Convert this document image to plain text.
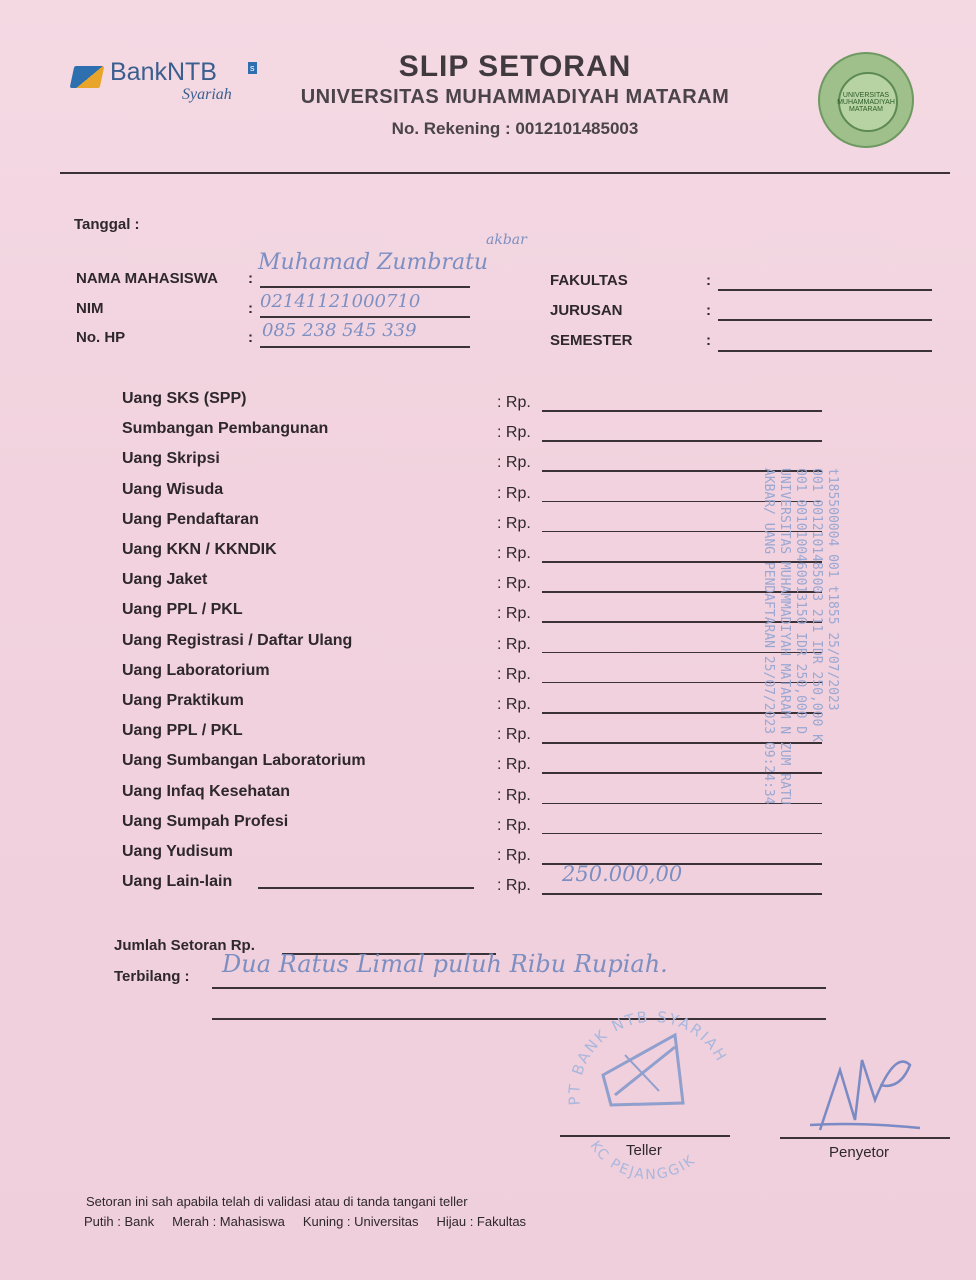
BankNTB	s
Syariah
SLIP SETORAN
UNIVERSITAS MUHAMMADIYAH MATARAM
No. Rekening : 0012101485003
UNIVERSITAS MUHAMMADIYAH MATARAM
Tanggal :
NAMA MAHASISWA :
Muhamad Zumbratu
akbar
NIM	: 02141121000710
No. HP	: 085 238 545 339
FAKULTAS	:
JURUSAN	:
SEMESTER	:
Uang SKS (SPP)	: Rp.
Sumbangan Pembangunan	: Rp.
Uang Skripsi	: Rp.
Uang Wisuda	: Rp.
Uang Pendaftaran	: Rp.
Uang KKN / KKNDIK	: Rp.
Uang Jaket	: Rp.
Uang PPL / PKL	: Rp.
Uang Registrasi / Daftar Ulang	: Rp.
Uang Laboratorium	: Rp.
Uang Praktikum	: Rp.
Uang PPL / PKL	: Rp.
Uang Sumbangan Laboratorium	: Rp.
Uang Infaq Kesehatan	: Rp.
Uang Sumpah Profesi	: Rp.
Uang Yudisum	: Rp.
Uang Lain-lain	: Rp. 250.000,00
t185500004 001 t1855 25/07/2023
001 0012101485003 211 IDR 250,000 K
001 0010100460013150 IDR 250,000 D
UNIVERSITAS MUHAMMADIYAH MATARAM N ZUM RATU
AKBAR/ UANG PENDAFTARAN 25/07/2023 09:24:34
Jumlah Setoran Rp.
Terbilang : Dua Ratus Limal puluh Ribu Rupiah.
PT BANK NTB SYARIAH
KC PEJANGGIK
Teller	Penyetor
Setoran ini sah apabila telah di validasi atau di tanda tangani teller
Putih : Bank Merah : Mahasiswa Kuning : Universitas Hijau : Fakultas
